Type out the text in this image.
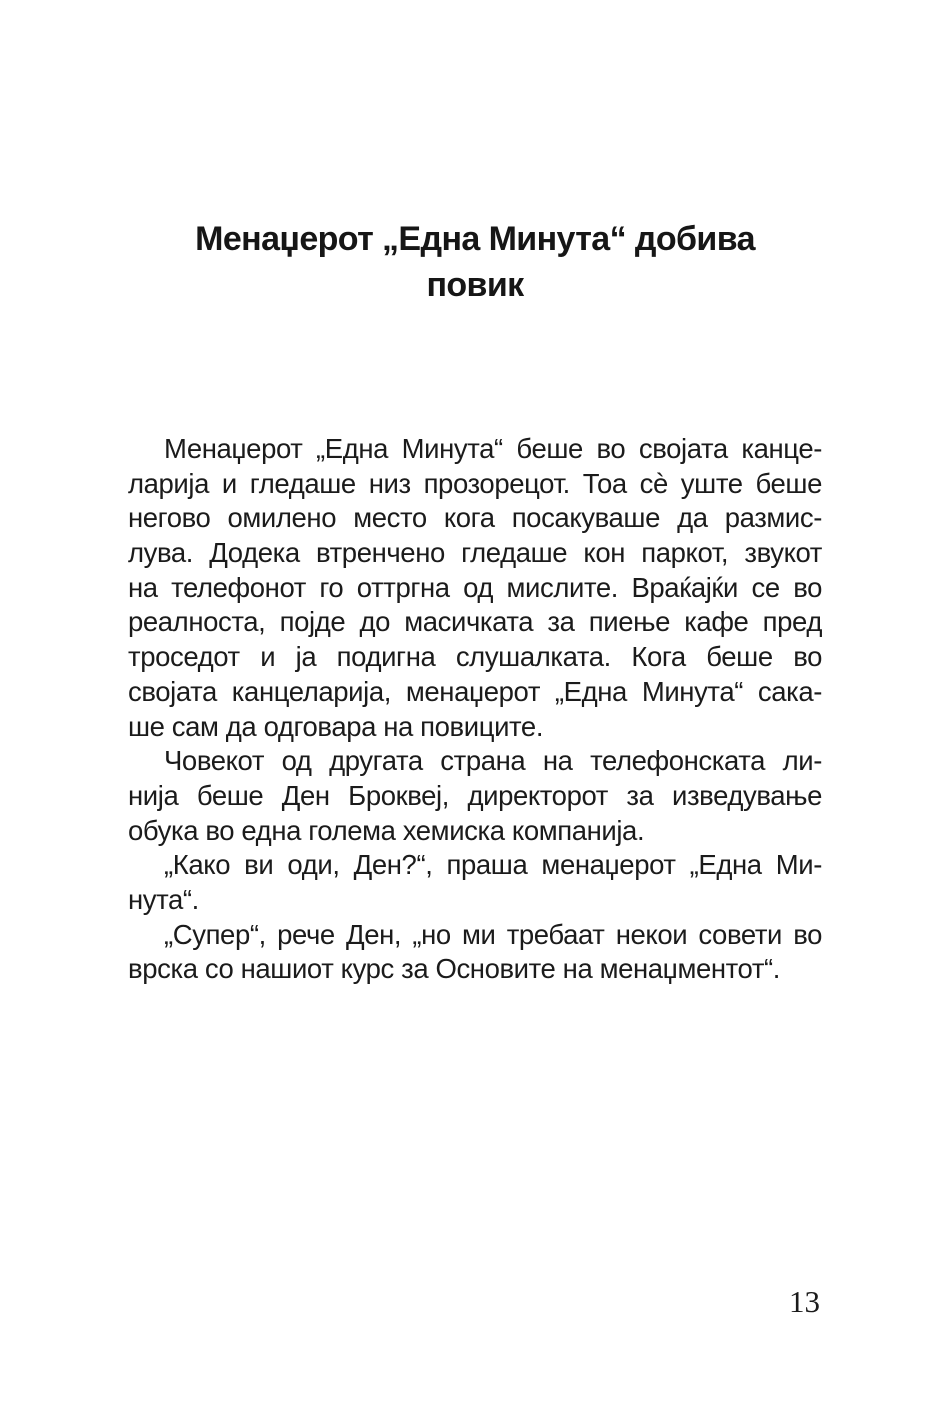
Менаџерот „Една Минута“ добива
повик
Менаџерот „Една Минута“ беше во својата канце-
ларија и гледаше низ прозорецот. Тоа сѐ уште беше
негово омилено место кога посакуваше да размис-
лува. Додека втренчено гледаше кон паркот, звукот
на телефонот го оттргна од мислите. Враќајќи се во
реалноста, појде до масичката за пиење кафе пред
троседот и ја подигна слушалката. Кога беше во
својата канцеларија, менаџерот „Една Минута“ сака-
ше сам да одговара на повиците.
Човекот од другата страна на телефонската ли-
нија беше Ден Броквеј, директорот за изведување
обука во една голема хемиска компанија.
„Како ви оди, Ден?“, праша менаџерот „Една Ми-
нута“.
„Супер“, рече Ден, „но ми требаат некои совети во
врска со нашиот курс за Основите на менаџментот“.
13
